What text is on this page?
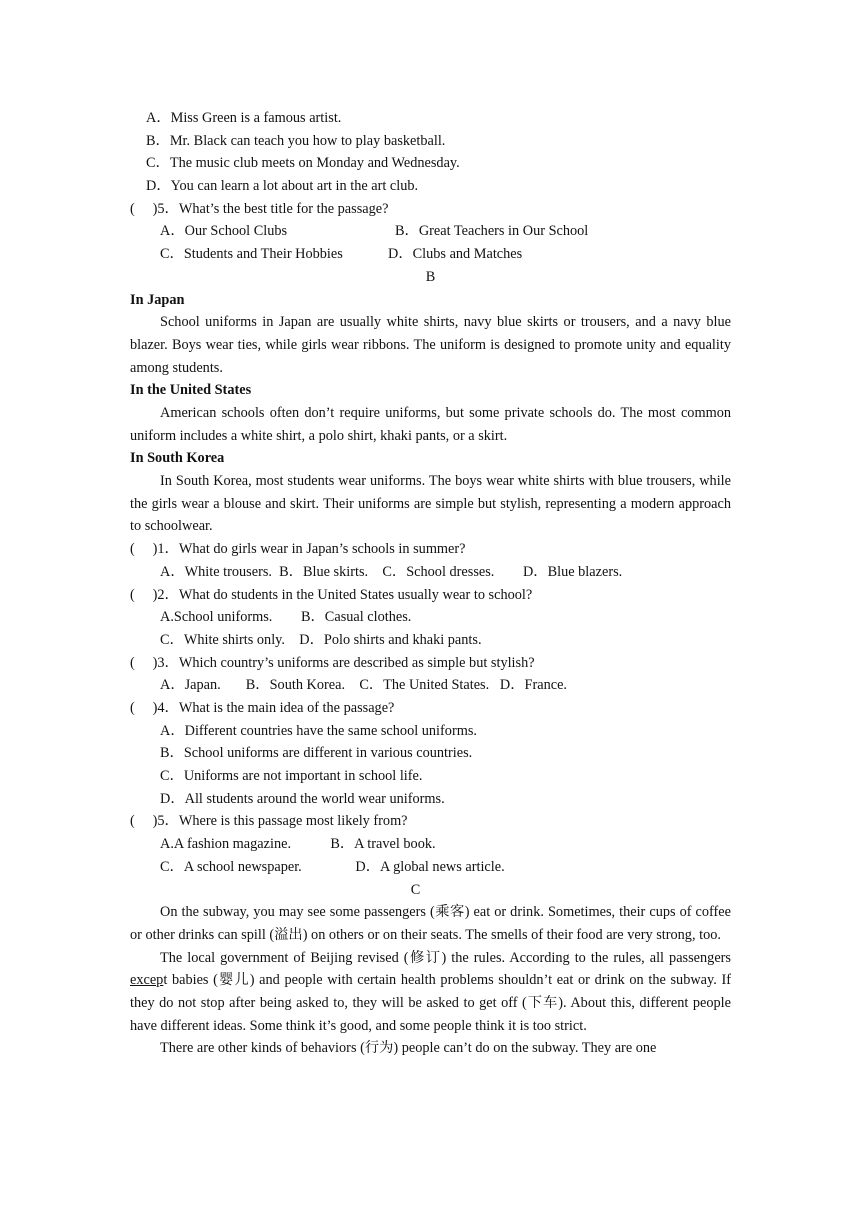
A．Miss Green is a famous artist.
B．Mr. Black can teach you how to play basketball.
C．The music club meets on Monday and Wednesday.
D．You can learn a lot about art in the art club.
(　 )5．What’s the best title for the passage?
A．Our School Clubs	B．Great Teachers in Our School
C．Students and Their Hobbies	D．Clubs and Matches
B
In Japan
School uniforms in Japan are usually white shirts, navy blue skirts or trousers, and a navy blue blazer. Boys wear ties, while girls wear ribbons. The uniform is designed to promote unity and equality among students.
In the United States
American schools often don’t require uniforms, but some private schools do. The most common uniform includes a white shirt, a polo shirt, khaki pants, or a skirt.
In South Korea
In South Korea, most students wear uniforms. The boys wear white shirts with blue trousers, while the girls wear a blouse and skirt. Their uniforms are simple but stylish, representing a modern approach to schoolwear.
(　 )1．What do girls wear in Japan’s schools in summer?
A．White trousers.  B．Blue skirts.    C．School dresses.        D．Blue blazers.
(　 )2．What do students in the United States usually wear to school?
A.School uniforms.        B．Casual clothes.
C．White shirts only.    D．Polo shirts and khaki pants.
(　 )3．Which country’s uniforms are described as simple but stylish?
A．Japan.       B．South Korea.    C．The United States.   D．France.
(　 )4．What is the main idea of the passage?
A．Different countries have the same school uniforms.
B．School uniforms are different in various countries.
C．Uniforms are not important in school life.
D．All students around the world wear uniforms.
(　 )5．Where is this passage most likely from?
A.A fashion magazine.           B．A travel book.
C．A school newspaper.               D．A global news article.
C
On the subway, you may see some passengers (乘客) eat or drink. Sometimes, their cups of coffee or other drinks can spill (溢出) on others or on their seats. The smells of their food are very strong, too.
The local government of Beijing revised (修订) the rules. According to the rules, all passengers except babies (婴儿) and people with certain health problems shouldn’t eat or drink on the subway. If they do not stop after being asked to, they will be asked to get off (下车). About this, different people have different ideas. Some think it’s good, and some people think it is too strict.
There are other kinds of behaviors (行为) people can’t do on the subway. They are one
